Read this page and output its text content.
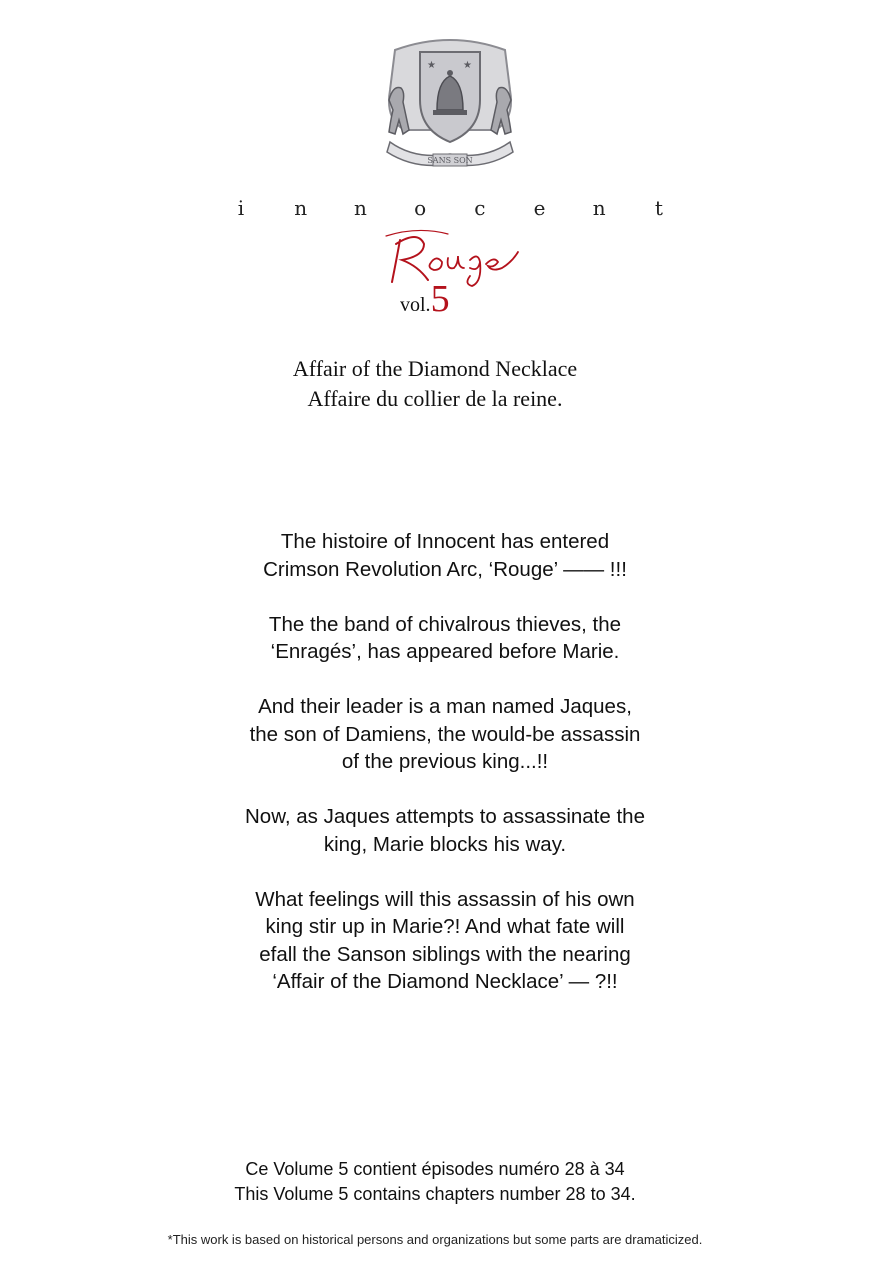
★	★
SANS SON
i	n n o c e n	t
vol.5
Affair of the Diamond Necklace
Affaire du collier de la reine.

The histoire of Innocent has entered
Crimson Revolution Arc, ‘Rouge’ —— !!!

The the band of chivalrous thieves, the
‘Enragés’, has appeared before Marie.

And their leader is a man named Jaques,
the son of Damiens, the would-be assassin
of the previous king...!!

Now, as Jaques attempts to assassinate the
king, Marie blocks his way.

What feelings will this assassin of his own
king stir up in Marie?! And what fate will
efall the Sanson siblings with the nearing
‘Affair of the Diamond Necklace’ — ?!!

Ce Volume 5 contient épisodes numéro 28 à 34
This Volume 5 contains chapters number 28 to 34.
*This work is based on historical persons and organizations but some parts are dramaticized.
